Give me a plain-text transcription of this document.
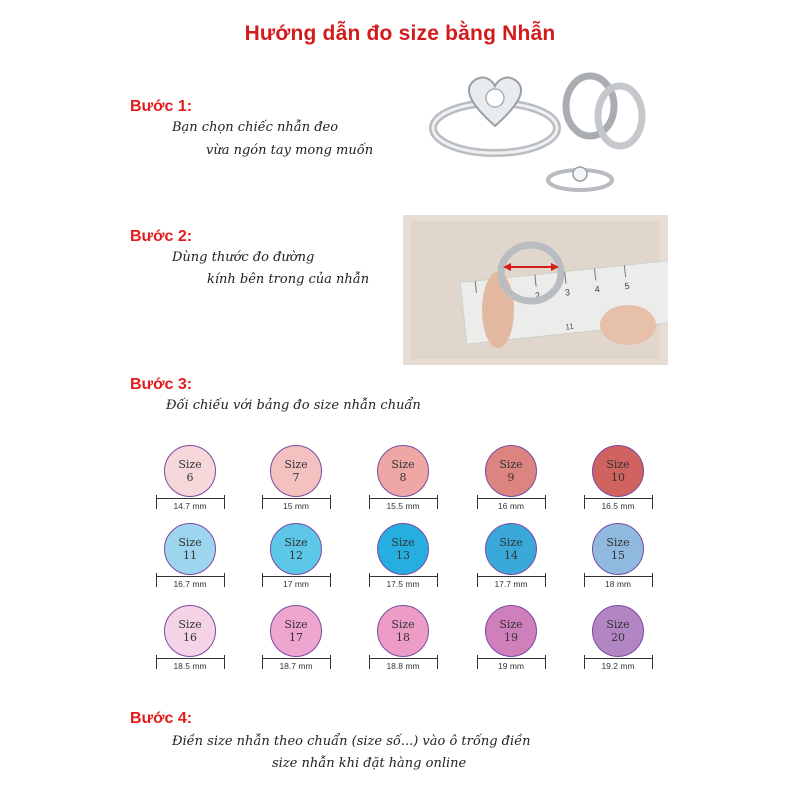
Hướng dẫn đo size bằng Nhẫn
Bước 1:
Bạn chọn chiếc nhẫn đeo
vừa ngón tay mong muốn
Bước 2:
Dùng thước đo đường
kính bên trong của nhẫn
2	3	4	5
11
Bước 3:
Đối chiếu với bảng đo size nhẫn chuẩn
Size
6
14.7 mm
Size
7
15 mm
Size
8
15.5 mm
Size
9
16 mm
Size
10
16.5 mm
Size
11
16.7 mm
Size
12
17 mm
Size
13
17.5 mm
Size
14
17.7 mm
Size
15
18 mm
Size
16
18.5 mm
Size
17
18.7 mm
Size
18
18.8 mm
Size
19
19 mm
Size
20
19.2 mm
Bước 4:
Điền size nhẫn theo chuẩn (size số...) vào ô trống điền
size nhẫn khi đặt hàng online
